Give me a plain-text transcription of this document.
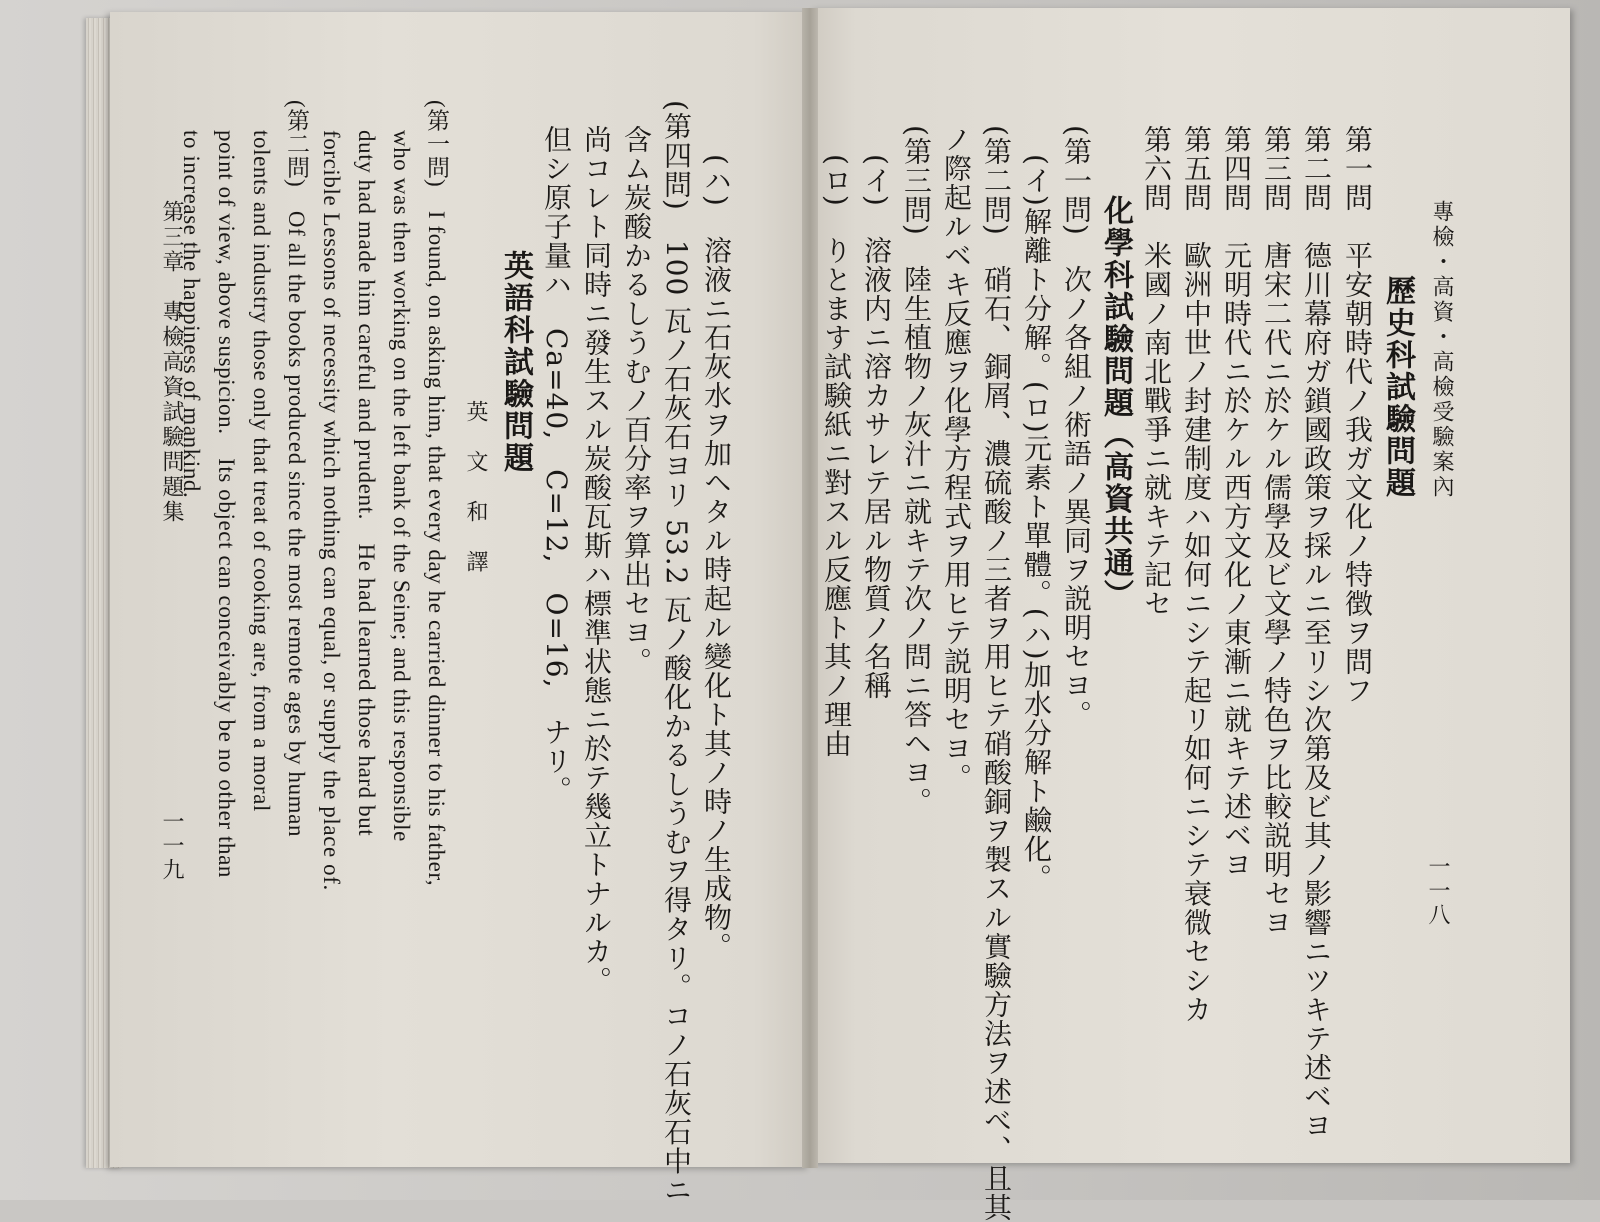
專檢・高資・高檢受驗案內
一一八
歷史科試驗問題
第一問　平安朝時代ノ我ガ文化ノ特徴ヲ問フ
第二問　德川幕府ガ鎖國政策ヲ採ルニ至リシ次第及ビ其ノ影響ニツキテ述ベヨ
第三問　唐宋二代ニ於ケル儒學及ビ文學ノ特色ヲ比較説明セヨ
第四問　元明時代ニ於ケル西方文化ノ東漸ニ就キテ述ベヨ
第五問　歐洲中世ノ封建制度ハ如何ニシテ起リ如何ニシテ衰微セシカ
第六問　米國ノ南北戰爭ニ就キテ記セ
化學科試驗問題（高資共通）
(第一問)　次ノ各組ノ術語ノ異同ヲ説明セヨ。
　(イ)解離ト分解。(ロ)元素ト單體。(ハ)加水分解ト鹼化。
(第二問)　硝石、銅屑、濃硫酸ノ三者ヲ用ヒテ硝酸銅ヲ製スル實驗方法ヲ述べ、且其
ノ際起ルベキ反應ヲ化學方程式ヲ用ヒテ説明セヨ。
(第三問)　陸生植物ノ灰汁ニ就キテ次ノ問ニ答ヘヨ。
　(イ)　溶液内ニ溶カサレテ居ル物質ノ名稱
　(ロ)　りとます試験紙ニ對スル反應ト其ノ理由
　(ハ)　溶液ニ石灰水ヲ加ヘタル時起ル變化ト其ノ時ノ生成物。
(第四問)　100 瓦ノ石灰石ヨリ 53.2 瓦ノ酸化かるしうむヲ得タリ。コノ石灰石中ニ
含ム炭酸かるしうむノ百分率ヲ算出セヨ。
尚コレト同時ニ發生スル炭酸瓦斯ハ標準状態ニ於テ幾立トナルカ。
但シ原子量ハ　Ca=40,　C=12,　O=16,　ナリ。
英語科試驗問題
英　文　和　譯
(第一問)　I found, on asking him, that every day he carried dinner to his father,
who was then working on the left bank of the Seine; and this responsible
duty had made him careful and prudent.　He had learned those hard but
forcible Lessons of necessity which nothing can equal, or supply the place of.
(第二問)　Of all the books produced since the most remote ages by human
tolents and industry those only that treat of cooking are, from a moral
point of view, above suspicion.　Its object can conceivably be no other than
to increase the happiness of mankind.
第三章　專檢高資試驗問題集
一一九
